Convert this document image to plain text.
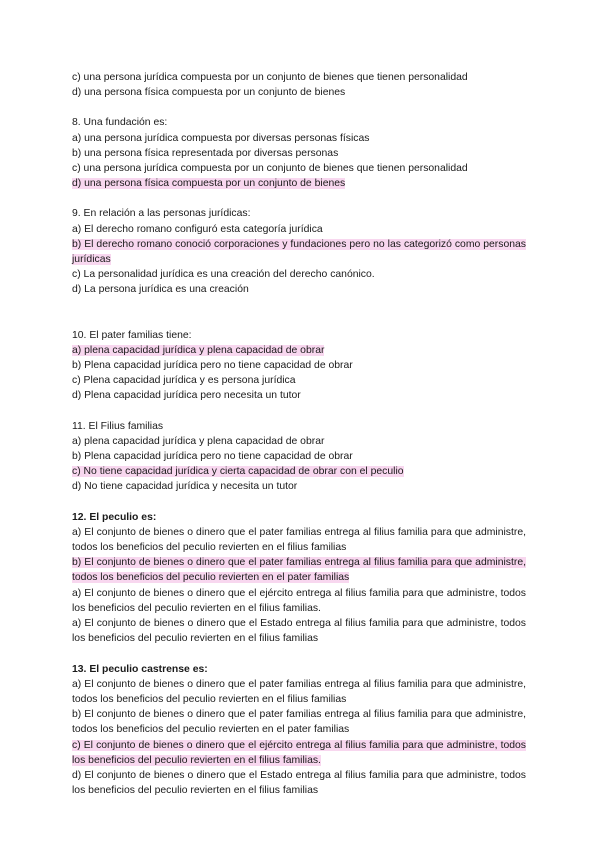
c) una persona jurídica compuesta por un conjunto de bienes que tienen personalidad
d) una persona física compuesta por un conjunto de bienes
8. Una fundación es:
a) una persona jurídica compuesta por diversas personas físicas
b) una persona física representada por diversas personas
c) una persona jurídica compuesta por un conjunto de bienes que tienen personalidad
d) una persona física compuesta por un conjunto de bienes
9. En relación a las personas jurídicas:
a) El derecho romano configuró esta categoría jurídica
b) El derecho romano conoció corporaciones y fundaciones pero no las categorizó como personas jurídicas
c) La personalidad jurídica es una creación del derecho canónico.
d) La persona jurídica es una creación
10. El pater familias tiene:
a) plena capacidad jurídica y plena capacidad de obrar
b) Plena capacidad jurídica pero no tiene capacidad de obrar
c) Plena capacidad jurídica y es persona jurídica
d) Plena capacidad jurídica pero necesita un tutor
11. El Filius familias
a) plena capacidad jurídica y plena capacidad de obrar
b) Plena capacidad jurídica pero no tiene capacidad de obrar
c) No tiene capacidad jurídica y cierta capacidad de obrar con el peculio
d) No tiene capacidad jurídica y necesita un tutor
12. El peculio es:
a) El conjunto de bienes o dinero que el pater familias entrega al filius familia para que administre, todos los beneficios del peculio revierten en el filius familias
b) El conjunto de bienes o dinero que el pater familias entrega al filius familia para que administre, todos los beneficios del peculio revierten en el pater familias
a) El conjunto de bienes o dinero que el ejército entrega al filius familia para que administre, todos los beneficios del peculio revierten en el filius familias.
a) El conjunto de bienes o dinero que el Estado entrega al filius familia para que administre, todos los beneficios del peculio revierten en el filius familias
13. El peculio castrense es:
a) El conjunto de bienes o dinero que el pater familias entrega al filius familia para que administre, todos los beneficios del peculio revierten en el filius familias
b) El conjunto de bienes o dinero que el pater familias entrega al filius familia para que administre, todos los beneficios del peculio revierten en el pater familias
c) El conjunto de bienes o dinero que el ejército entrega al filius familia para que administre, todos los beneficios del peculio revierten en el filius familias.
d) El conjunto de bienes o dinero que el Estado entrega al filius familia para que administre, todos los beneficios del peculio revierten en el filius familias
